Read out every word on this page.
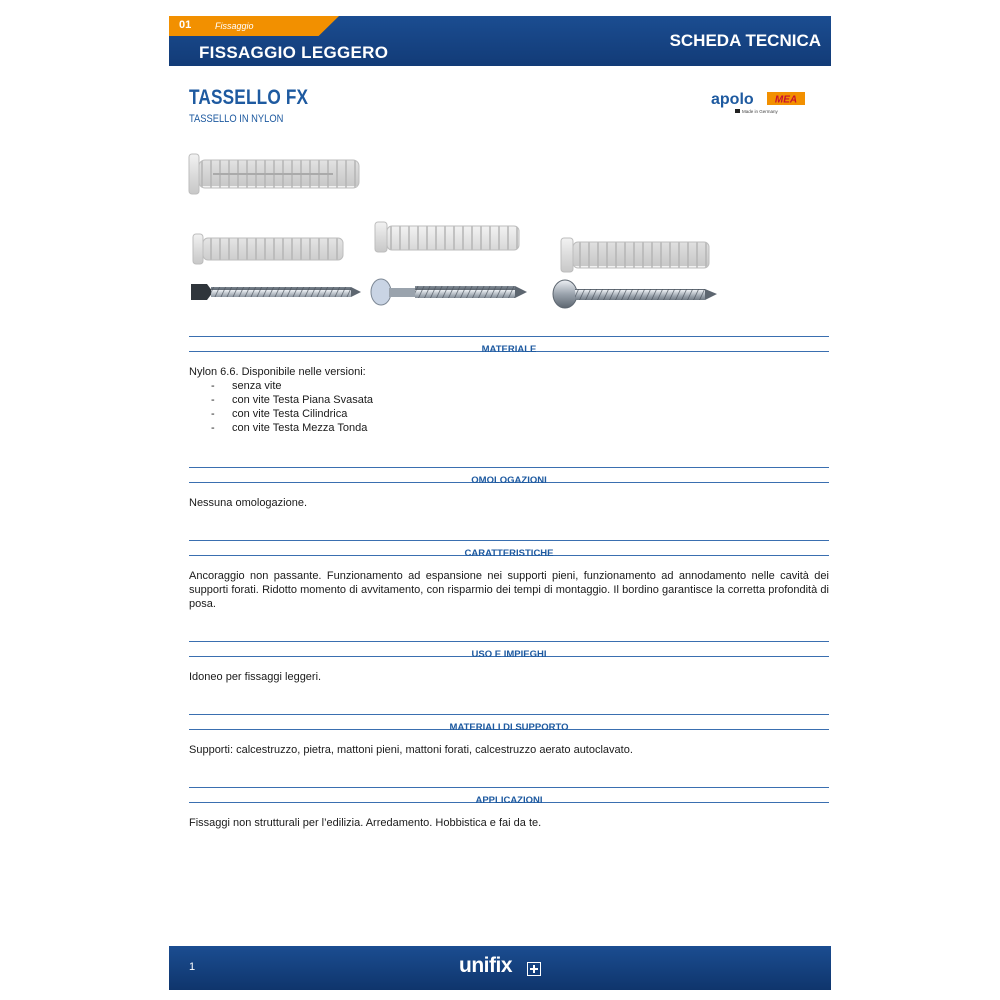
01	Fissaggio
FISSAGGIO LEGGERO
SCHEDA TECNICA
TASSELLO FX
TASSELLO IN NYLON
apolo MEA
Made in Germany
MATERIALE
Nylon 6.6. Disponibile nelle versioni:
- senza vite
- con vite Testa Piana Svasata
- con vite Testa Cilindrica
- con vite Testa Mezza Tonda
OMOLOGAZIONI
Nessuna omologazione.
CARATTERISTICHE
Ancoraggio non passante. Funzionamento ad espansione nei supporti pieni, funzionamento ad annodamento nelle cavità dei supporti forati. Ridotto momento di avvitamento, con risparmio dei tempi di montaggio. Il bordino garantisce la corretta profondità di posa.
USO E IMPIEGHI
Idoneo per fissaggi leggeri.
MATERIALI DI SUPPORTO
Supporti: calcestruzzo, pietra, mattoni pieni, mattoni forati, calcestruzzo aerato autoclavato.
APPLICAZIONI
Fissaggi non strutturali per l’edilizia. Arredamento. Hobbistica e fai da te.
1	unifix
